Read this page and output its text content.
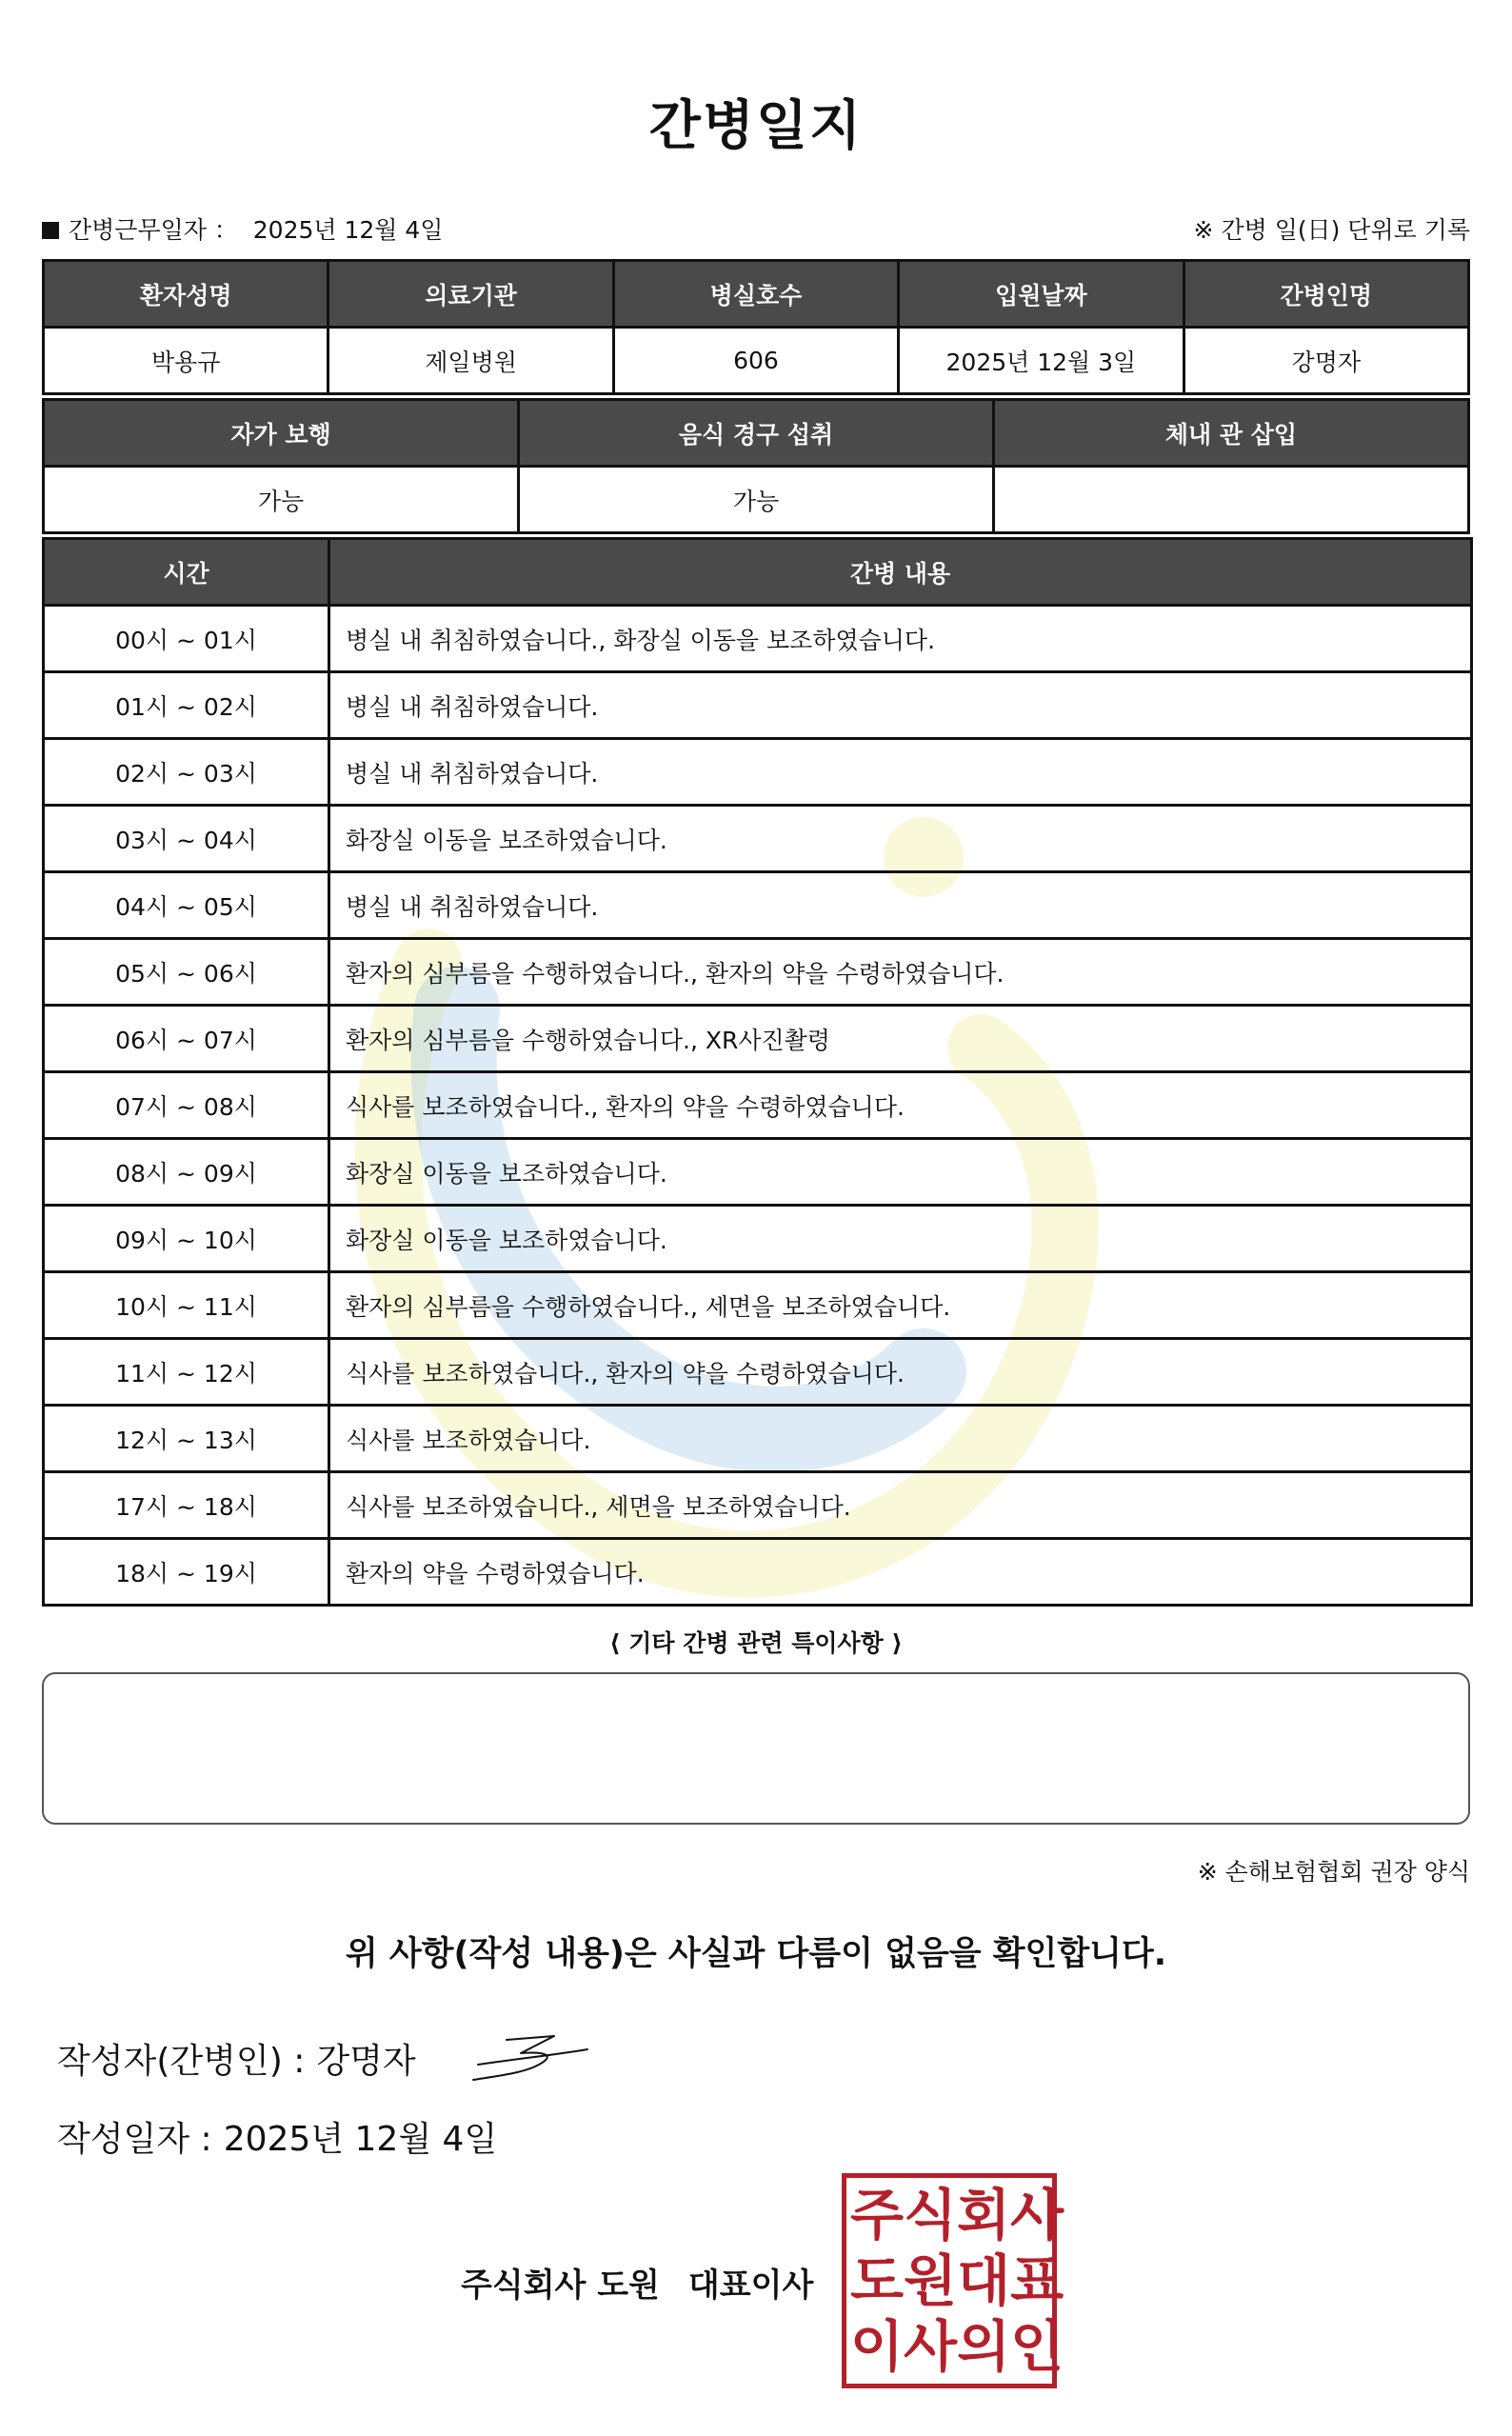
간병일지
간병근무일자 ： 2025년 12월 4일	※ 간병 일(日) 단위로 기록
환자성명	의료기관	병실호수	입원날짜	간병인명
박용규	제일병원	606	2025년 12월 3일	강명자
자가 보행	음식 경구 섭취	체내 관 삽입
가능	가능	
시간	간병 내용
00시 ~ 01시	병실 내 취침하였습니다., 화장실 이동을 보조하였습니다.
01시 ~ 02시	병실 내 취침하였습니다.
02시 ~ 03시	병실 내 취침하였습니다.
03시 ~ 04시	화장실 이동을 보조하였습니다.
04시 ~ 05시	병실 내 취침하였습니다.
05시 ~ 06시	환자의 심부름을 수행하였습니다., 환자의 약을 수령하였습니다.
06시 ~ 07시	환자의 심부름을 수행하였습니다., XR사진촬령
07시 ~ 08시	식사를 보조하였습니다., 환자의 약을 수령하였습니다.
08시 ~ 09시	화장실 이동을 보조하였습니다.
09시 ~ 10시	화장실 이동을 보조하였습니다.
10시 ~ 11시	환자의 심부름을 수행하였습니다., 세면을 보조하였습니다.
11시 ~ 12시	식사를 보조하였습니다., 환자의 약을 수령하였습니다.
12시 ~ 13시	식사를 보조하였습니다.
17시 ~ 18시	식사를 보조하였습니다., 세면을 보조하였습니다.
18시 ~ 19시	환자의 약을 수령하였습니다.
⟨ 기타 간병 관련 특이사항 ⟩
※ 손해보험협회 권장 양식
위 사항(작성 내용)은 사실과 다름이 없음을 확인합니다.
작성자(간병인) : 강명자
작성일자 : 2025년 12월 4일
주식회사 도원 대표이사
주 식 회 사
도 원 대 표
이 사 의 인
